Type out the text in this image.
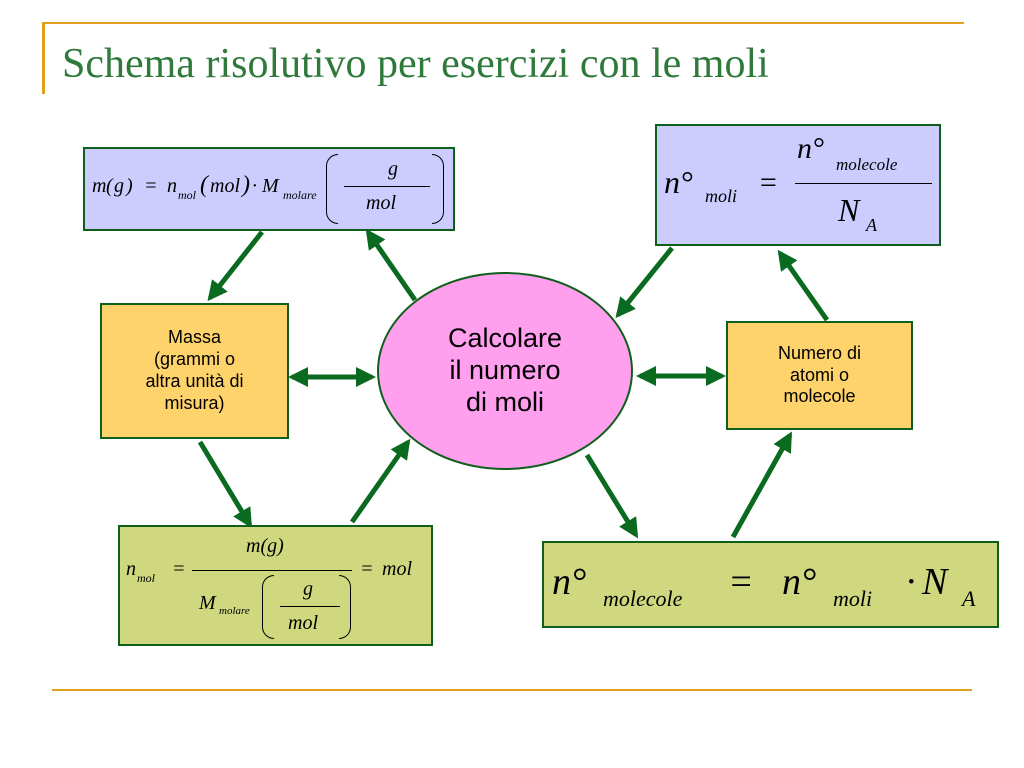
Schema risolutivo per esercizi con le moli
m ( g ) = n mol ( mol ) · M molare
g
mol
Massa
(grammi o
altra unità di
misura)
Calcolare
il numero
di moli
n mol =
m(g)
M molare
g
mol
= mol
n° moli =
n° molecole
N A
Numero di
atomi o
molecole
n° molecole = n° moli · N A
